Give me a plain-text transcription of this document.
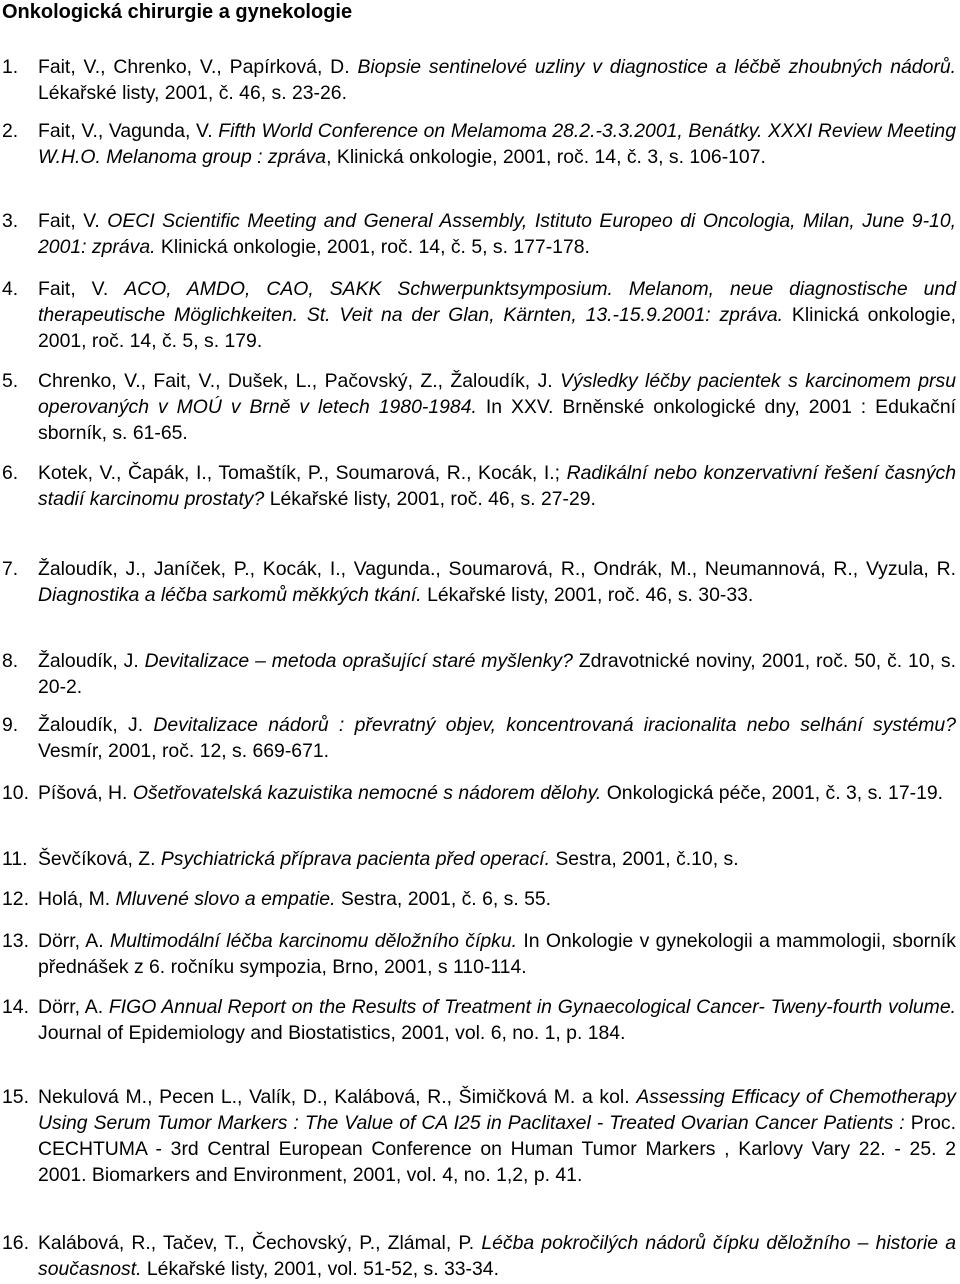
Onkologická chirurgie a gynekologie
1. Fait, V., Chrenko, V., Papírková, D. Biopsie sentinelové uzliny v diagnostice a léčbě zhoubných nádorů. Lékařské listy, 2001, č. 46, s. 23-26.
2. Fait, V., Vagunda, V. Fifth World Conference on Melamoma 28.2.-3.3.2001, Benátky. XXXI Review Meeting W.H.O. Melanoma group : zpráva, Klinická onkologie, 2001, roč. 14, č. 3, s. 106-107.
3. Fait, V. OECI Scientific Meeting and General Assembly, Istituto Europeo di Oncologia, Milan, June 9-10, 2001: zpráva. Klinická onkologie, 2001, roč. 14, č. 5, s. 177-178.
4. Fait, V. ACO, AMDO, CAO, SAKK Schwerpunktsymposium. Melanom, neue diagnostische und therapeutische Möglichkeiten. St. Veit na der Glan, Kärnten, 13.-15.9.2001: zpráva. Klinická onkologie, 2001, roč. 14, č. 5, s. 179.
5. Chrenko, V., Fait, V., Dušek, L., Pačovský, Z., Žaloudík, J. Výsledky léčby pacientek s karcinomem prsu operovaných v MOÚ v Brně v letech 1980-1984. In XXV. Brněnské onkologické dny, 2001 : Edukační sborník, s. 61-65.
6. Kotek, V., Čapák, I., Tomaštík, P., Soumarová, R., Kocák, I.; Radikální nebo konzervativní řešení časných stadií karcinomu prostaty? Lékařské listy, 2001, roč. 46, s. 27-29.
7. Žaloudík, J., Janíček, P., Kocák, I., Vagunda., Soumarová, R., Ondrák, M., Neumannová, R., Vyzula, R. Diagnostika a léčba sarkomů měkkých tkání. Lékařské listy, 2001, roč. 46, s. 30-33.
8. Žaloudík, J. Devitalizace – metoda oprašující staré myšlenky? Zdravotnické noviny, 2001, roč. 50, č. 10, s. 20-2.
9. Žaloudík, J. Devitalizace nádorů : převratný objev, koncentrovaná iracionalita nebo selhání systému? Vesmír, 2001, roč. 12, s. 669-671.
10. Píšová, H. Ošetřovatelská kazuistika nemocné s nádorem dělohy. Onkologická péče, 2001, č. 3, s. 17-19.
11. Ševčíková, Z. Psychiatrická příprava pacienta před operací. Sestra, 2001, č.10, s.
12. Holá, M. Mluvené slovo a empatie. Sestra, 2001, č. 6, s. 55.
13. Dörr, A. Multimodální léčba karcinomu děložního čípku. In Onkologie v gynekologii a mammologii, sborník přednášek z 6. ročníku sympozia, Brno, 2001, s 110-114.
14. Dörr, A. FIGO Annual Report on the Results of Treatment in Gynaecological Cancer- Tweny-fourth volume. Journal of Epidemiology and Biostatistics, 2001, vol. 6, no. 1, p. 184.
15. Nekulová M., Pecen L., Valík, D., Kalábová, R., Šimičková M. a kol. Assessing Efficacy of Chemotherapy Using Serum Tumor Markers : The Value of CA I25 in Paclitaxel - Treated Ovarian Cancer Patients : Proc. CECHTUMA - 3rd Central European Conference on Human Tumor Markers , Karlovy Vary 22. - 25. 2 2001. Biomarkers and Environment, 2001, vol. 4, no. 1,2, p. 41.
16. Kalábová, R., Tačev, T., Čechovský, P., Zlámal, P. Léčba pokročilých nádorů čípku děložního – historie a současnost. Lékařské listy, 2001, vol. 51-52, s. 33-34.
